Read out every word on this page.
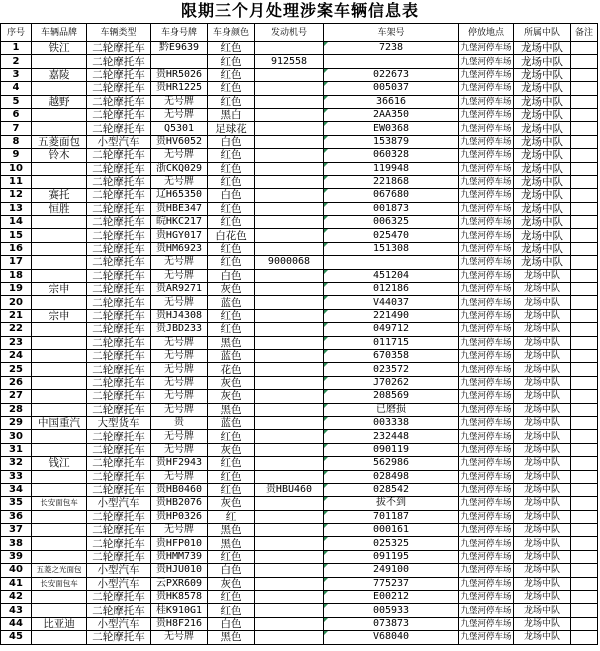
限期三个月处理涉案车辆信息表
序号	车辆品牌	车辆类型	车身号牌	车身颜色	发动机号	车架号	停放地点	所属中队	备注
1	铁江	二轮摩托车	黔E9639	红色		7238	九堡河停车场	龙场中队	
2		二轮摩托车		红色	912558		九堡河停车场	龙场中队	
3	嘉陵	二轮摩托车	贵HR5026	红色		022673	九堡河停车场	龙场中队	
4		二轮摩托车	贵HR1225	红色		005037	九堡河停车场	龙场中队	
5	越野	二轮摩托车	无号牌	红色		36616	九堡河停车场	龙场中队	
6		二轮摩托车	无号牌	黑白		2AA350	九堡河停车场	龙场中队	
7		二轮摩托车	Q5301	足球花		EW0368	九堡河停车场	龙场中队	
8	五菱面包	小型汽车	贵HV6052	白色		153879	九堡河停车场	龙场中队	
9	铃木	二轮摩托车	无号牌	红色		060328	九堡河停车场	龙场中队	
10		二轮摩托车	浙CKQ029	红色		119948	九堡河停车场	龙场中队	
11		二轮摩托车	无号牌	红色		221868	九堡河停车场	龙场中队	
12	赛托	二轮摩托车	辽H65350	白色		067680	九堡河停车场	龙场中队	
13	恒胜	二轮摩托车	贵HBE347	红色		001873	九堡河停车场	龙场中队	
14		二轮摩托车	皖HKC217	红色		006325	九堡河停车场	龙场中队	
15		二轮摩托车	贵HGY017	白花色		025470	九堡河停车场	龙场中队	
16		二轮摩托车	贵HM6923	红色		151308	九堡河停车场	龙场中队	
17		二轮摩托车	无号牌	红色	9000068		九堡河停车场	龙场中队	
18		二轮摩托车	无号牌	白色		451204	九堡河停车场	龙场中队	
19	宗申	二轮摩托车	贵AR9271	灰色		012186	九堡河停车场	龙场中队	
20		二轮摩托车	无号牌	蓝色		V44037	九堡河停车场	龙场中队	
21	宗申	二轮摩托车	贵HJ4308	红色		221490	九堡河停车场	龙场中队	
22		二轮摩托车	贵JBD233	红色		049712	九堡河停车场	龙场中队	
23		二轮摩托车	无号牌	黑色		011715	九堡河停车场	龙场中队	
24		二轮摩托车	无号牌	蓝色		670358	九堡河停车场	龙场中队	
25		二轮摩托车	无号牌	花色		023572	九堡河停车场	龙场中队	
26		二轮摩托车	无号牌	灰色		J70262	九堡河停车场	龙场中队	
27		二轮摩托车	无号牌	灰色		208569	九堡河停车场	龙场中队	
28		二轮摩托车	无号牌	黑色		已磨损	九堡河停车场	龙场中队	
29	中国重汽	大型货车	贵	蓝色		003338	九堡河停车场	龙场中队	
30		二轮摩托车	无号牌	红色		232448	九堡河停车场	龙场中队	
31		二轮摩托车	无号牌	灰色		090119	九堡河停车场	龙场中队	
32	钱江	二轮摩托车	贵HF2943	红色		562986	九堡河停车场	龙场中队	
33		二轮摩托车	无号牌	红色		028498	九堡河停车场	龙场中队	
34		二轮摩托车	贵HB0460	红色	贵HBU460	028542	九堡河停车场	龙场中队	
35	长安面包车	小型汽车	贵HB2076	灰色		拔不到	九堡河停车场	龙场中队	
36		二轮摩托车	贵HP0326	红		701187	九堡河停车场	龙场中队	
37		二轮摩托车	无号牌	黑色		000161	九堡河停车场	龙场中队	
38		二轮摩托车	贵HFP010	黑色		025325	九堡河停车场	龙场中队	
39		二轮摩托车	贵HMM739	红色		091195	九堡河停车场	龙场中队	
40	五菱之光面包	小型汽车	贵HJU010	白色		249100	九堡河停车场	龙场中队	
41	长安面包车	小型汽车	云PXR609	灰色		775237	九堡河停车场	龙场中队	
42		二轮摩托车	贵HK8578	红色		E00212	九堡河停车场	龙场中队	
43		二轮摩托车	桂K910G1	红色		005933	九堡河停车场	龙场中队	
44	比亚迪	小型汽车	贵H8F216	白色		073873	九堡河停车场	龙场中队	
45		二轮摩托车	无号牌	黑色		V68040	九堡河停车场	龙场中队	
